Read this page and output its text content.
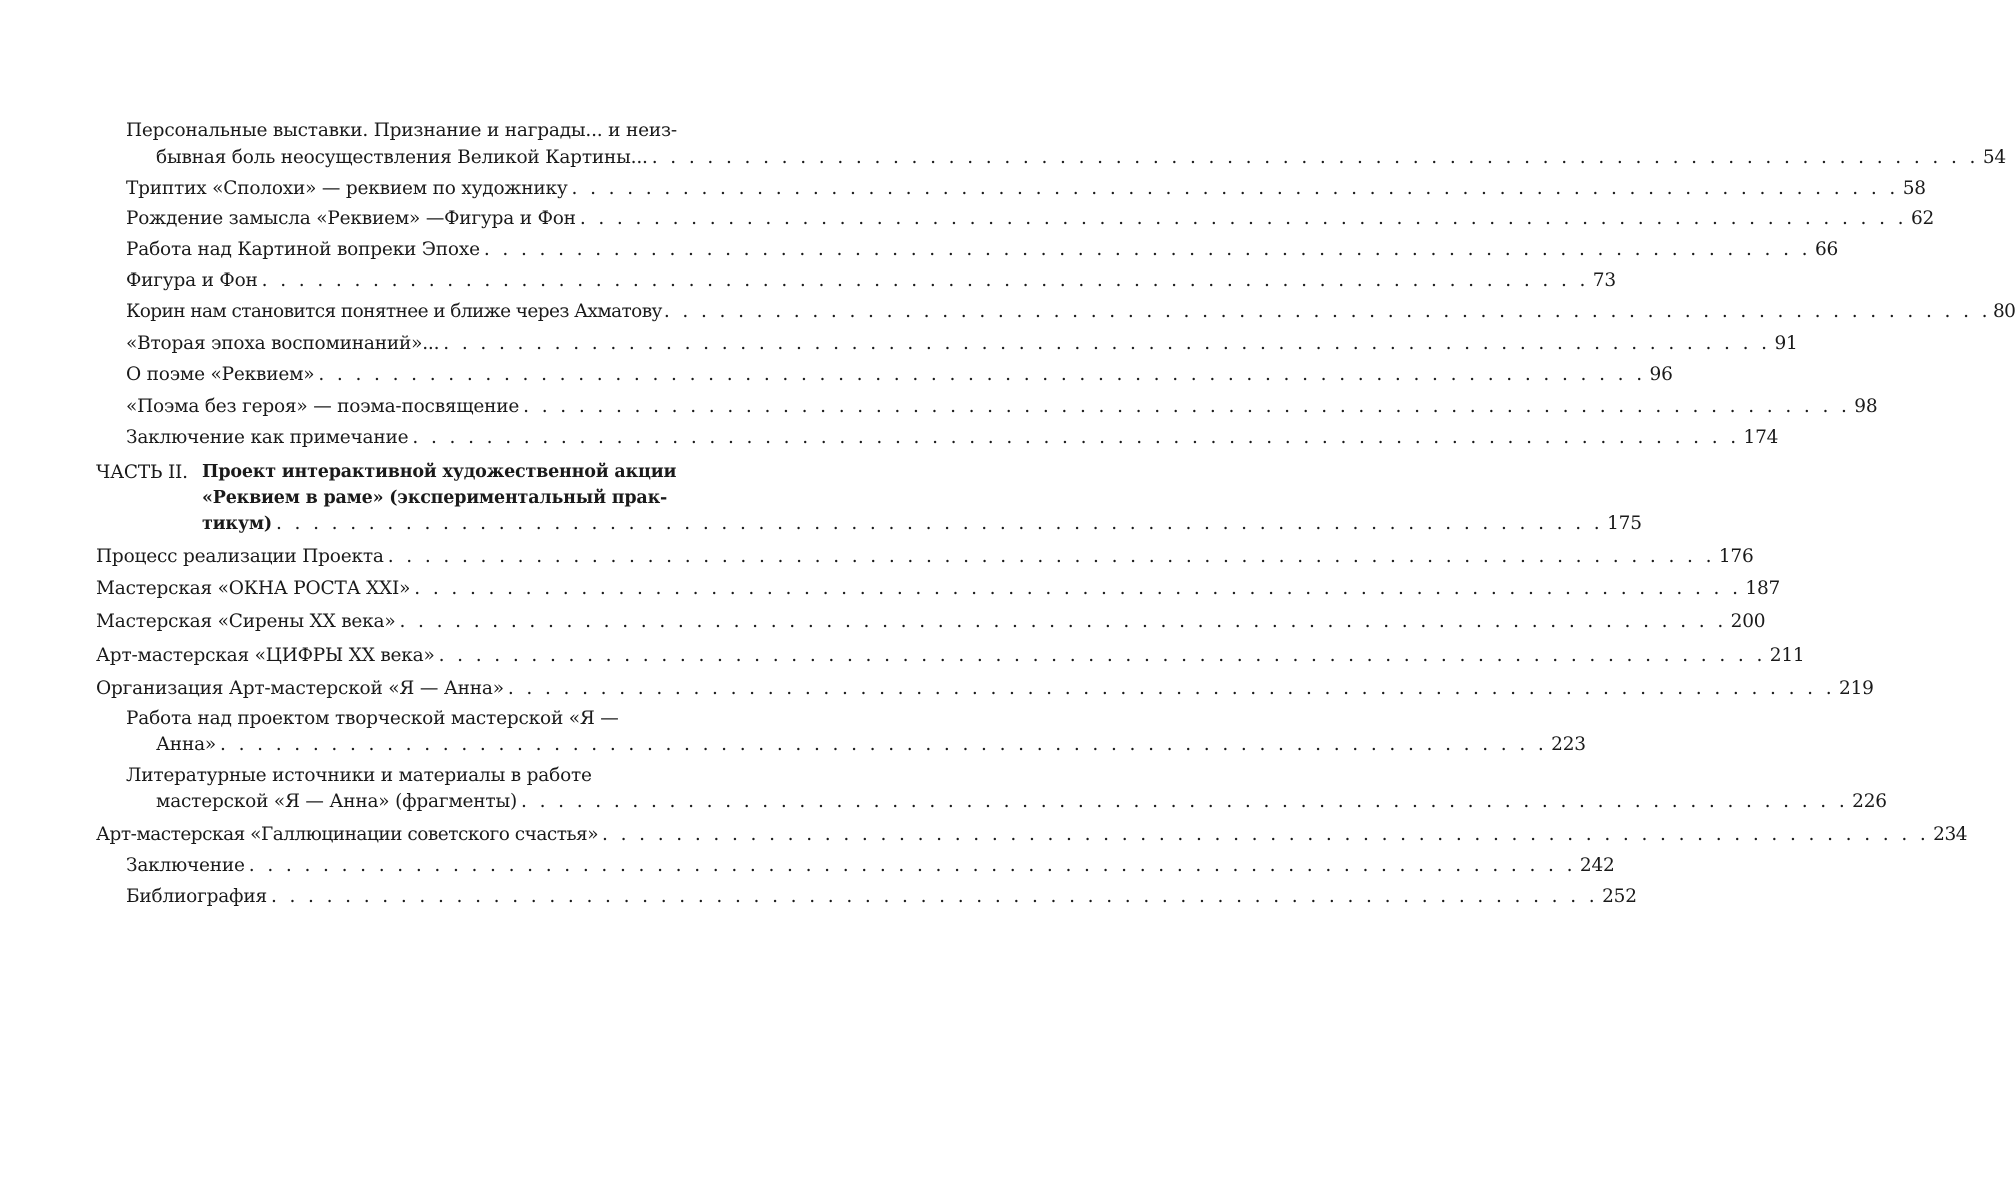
Персональные выставки. Признание и награды... и неиз-
бывная боль неосуществления Великой Картины... . . . . . . . . . . . . . . . . . . . . . . . . . . . . . . . . . . . . . . . . . . . . . . . . . . . . . . . . . . . . . . . . . . . . . . . . 54
Триптих «Сполохи» — реквием по художнику . . . . . . . . . . . . . . . . . . . . . . . . . . . . . . . . . . . . . . . . . . . . . . . . . . . . . . . . . . . . . . . . . . . . . . . . 58
Рождение замысла «Реквием» —Фигура и Фон . . . . . . . . . . . . . . . . . . . . . . . . . . . . . . . . . . . . . . . . . . . . . . . . . . . . . . . . . . . . . . . . . . . . . . . . 62
Работа над Картиной вопреки Эпохе . . . . . . . . . . . . . . . . . . . . . . . . . . . . . . . . . . . . . . . . . . . . . . . . . . . . . . . . . . . . . . . . . . . . . . . . 66
Фигура и Фон . . . . . . . . . . . . . . . . . . . . . . . . . . . . . . . . . . . . . . . . . . . . . . . . . . . . . . . . . . . . . . . . . . . . . . . . 73
Корин нам становится понятнее и ближе через Ахматову . . . . . . . . . . . . . . . . . . . . . . . . . . . . . . . . . . . . . . . . . . . . . . . . . . . . . . . . . . . . . . . . . . . . . . . . 80
«Вторая эпоха воспоминаний»... . . . . . . . . . . . . . . . . . . . . . . . . . . . . . . . . . . . . . . . . . . . . . . . . . . . . . . . . . . . . . . . . . . . . . . . . 91
О поэме «Реквием» . . . . . . . . . . . . . . . . . . . . . . . . . . . . . . . . . . . . . . . . . . . . . . . . . . . . . . . . . . . . . . . . . . . . . . . . 96
«Поэма без героя» — поэма-посвящение . . . . . . . . . . . . . . . . . . . . . . . . . . . . . . . . . . . . . . . . . . . . . . . . . . . . . . . . . . . . . . . . . . . . . . . . 98
Заключение как примечание . . . . . . . . . . . . . . . . . . . . . . . . . . . . . . . . . . . . . . . . . . . . . . . . . . . . . . . . . . . . . . . . . . . . . . . . 174
ЧАСТЬ II. Проект интерактивной художественной акции
«Реквием в раме» (экспериментальный прак-
тикум) . . . . . . . . . . . . . . . . . . . . . . . . . . . . . . . . . . . . . . . . . . . . . . . . . . . . . . . . . . . . . . . . . . . . . . . . 175
Процесс реализации Проекта . . . . . . . . . . . . . . . . . . . . . . . . . . . . . . . . . . . . . . . . . . . . . . . . . . . . . . . . . . . . . . . . . . . . . . . . 176
Мастерская «ОКНА РОСТА XXI» . . . . . . . . . . . . . . . . . . . . . . . . . . . . . . . . . . . . . . . . . . . . . . . . . . . . . . . . . . . . . . . . . . . . . . . . 187
Мастерская «Сирены XX века» . . . . . . . . . . . . . . . . . . . . . . . . . . . . . . . . . . . . . . . . . . . . . . . . . . . . . . . . . . . . . . . . . . . . . . . . 200
Арт-мастерская «ЦИФРЫ XX века» . . . . . . . . . . . . . . . . . . . . . . . . . . . . . . . . . . . . . . . . . . . . . . . . . . . . . . . . . . . . . . . . . . . . . . . . 211
Организация Арт-мастерской «Я — Анна» . . . . . . . . . . . . . . . . . . . . . . . . . . . . . . . . . . . . . . . . . . . . . . . . . . . . . . . . . . . . . . . . . . . . . . . . 219
Работа над проектом творческой мастерской «Я —
Анна» . . . . . . . . . . . . . . . . . . . . . . . . . . . . . . . . . . . . . . . . . . . . . . . . . . . . . . . . . . . . . . . . . . . . . . . . 223
Литературные источники и материалы в работе
мастерской «Я — Анна» (фрагменты) . . . . . . . . . . . . . . . . . . . . . . . . . . . . . . . . . . . . . . . . . . . . . . . . . . . . . . . . . . . . . . . . . . . . . . . . 226
Арт-мастерская «Галлюцинации советского счастья» . . . . . . . . . . . . . . . . . . . . . . . . . . . . . . . . . . . . . . . . . . . . . . . . . . . . . . . . . . . . . . . . . . . . . . . . 234
Заключение . . . . . . . . . . . . . . . . . . . . . . . . . . . . . . . . . . . . . . . . . . . . . . . . . . . . . . . . . . . . . . . . . . . . . . . . 242
Библиография . . . . . . . . . . . . . . . . . . . . . . . . . . . . . . . . . . . . . . . . . . . . . . . . . . . . . . . . . . . . . . . . . . . . . . . . 252
